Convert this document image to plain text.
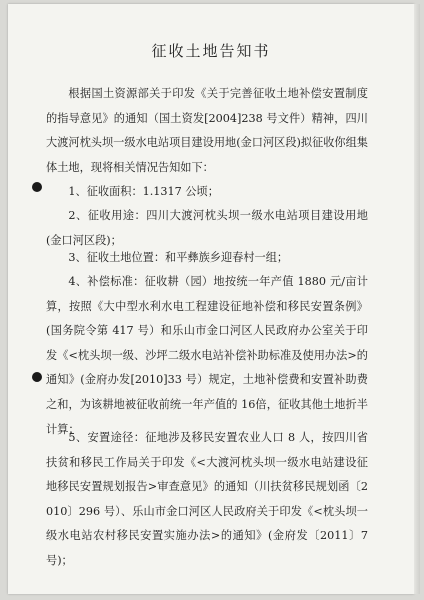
征收土地告知书

根据国土资源部关于印发《关于完善征收土地补偿安置制度的指导意见》的通知（国土资发[2004]238 号文件）精神，四川大渡河枕头坝一级水电站项目建设用地(金口河区段)拟征收你组集体土地，现将相关情况告知如下：

1、征收面积：1.1317 公顷；

2、征收用途：四川大渡河枕头坝一级水电站项目建设用地(金口河区段)；

3、征收土地位置：和平彝族乡迎春村一组；

4、补偿标准：征收耕（园）地按统一年产值 1880 元/亩计算，按照《大中型水利水电工程建设征地补偿和移民安置条例》(国务院令第 417 号）和乐山市金口河区人民政府办公室关于印发《<枕头坝一级、沙坪二级水电站补偿补助标准及使用办法>的通知》(金府办发[2010]33 号）规定，土地补偿费和安置补助费之和，为该耕地被征收前统一年产值的 16倍，征收其他土地折半计算；

5、安置途径：征地涉及移民安置农业人口 8 人，按四川省扶贫和移民工作局关于印发《<大渡河枕头坝一级水电站建设征地移民安置规划报告>审查意见》的通知（川扶贫移民规划函〔2010〕296 号）、乐山市金口河区人民政府关于印发《<枕头坝一级水电站农村移民安置实施办法>的通知》(金府发〔2011〕7 号)；
